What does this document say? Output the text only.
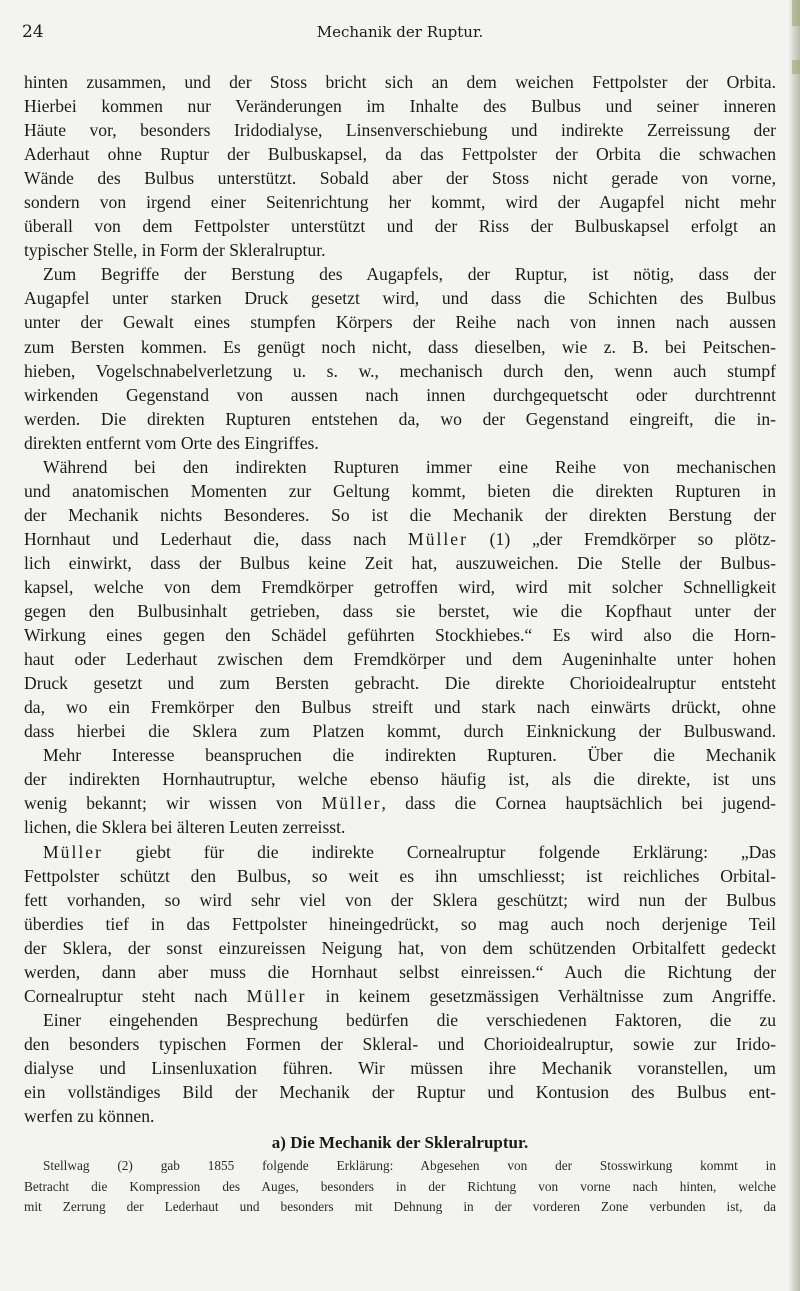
24	Mechanik der Ruptur.
hinten zusammen, und der Stoss bricht sich an dem weichen Fettpolster der Orbita.
Hierbei kommen nur Veränderungen im Inhalte des Bulbus und seiner inneren
Häute vor, besonders Iridodialyse, Linsenverschiebung und indirekte Zerreissung der
Aderhaut ohne Ruptur der Bulbuskapsel, da das Fettpolster der Orbita die schwachen
Wände des Bulbus unterstützt. Sobald aber der Stoss nicht gerade von vorne,
sondern von irgend einer Seitenrichtung her kommt, wird der Augapfel nicht mehr
überall von dem Fettpolster unterstützt und der Riss der Bulbuskapsel erfolgt an
typischer Stelle, in Form der Skleralruptur.
Zum Begriffe der Berstung des Augapfels, der Ruptur, ist nötig, dass der
Augapfel unter starken Druck gesetzt wird, und dass die Schichten des Bulbus
unter der Gewalt eines stumpfen Körpers der Reihe nach von innen nach aussen
zum Bersten kommen. Es genügt noch nicht, dass dieselben, wie z. B. bei Peitschen-
hieben, Vogelschnabelverletzung u. s. w., mechanisch durch den, wenn auch stumpf
wirkenden Gegenstand von aussen nach innen durchgequetscht oder durchtrennt
werden. Die direkten Rupturen entstehen da, wo der Gegenstand eingreift, die in-
direkten entfernt vom Orte des Eingriffes.
Während bei den indirekten Rupturen immer eine Reihe von mechanischen
und anatomischen Momenten zur Geltung kommt, bieten die direkten Rupturen in
der Mechanik nichts Besonderes. So ist die Mechanik der direkten Berstung der
Hornhaut und Lederhaut die, dass nach Müller (1) „der Fremdkörper so plötz-
lich einwirkt, dass der Bulbus keine Zeit hat, auszuweichen. Die Stelle der Bulbus-
kapsel, welche von dem Fremdkörper getroffen wird, wird mit solcher Schnelligkeit
gegen den Bulbusinhalt getrieben, dass sie berstet, wie die Kopfhaut unter der
Wirkung eines gegen den Schädel geführten Stockhiebes.“ Es wird also die Horn-
haut oder Lederhaut zwischen dem Fremdkörper und dem Augeninhalte unter hohen
Druck gesetzt und zum Bersten gebracht. Die direkte Chorioidealruptur entsteht
da, wo ein Fremkörper den Bulbus streift und stark nach einwärts drückt, ohne
dass hierbei die Sklera zum Platzen kommt, durch Einknickung der Bulbuswand.
Mehr Interesse beanspruchen die indirekten Rupturen. Über die Mechanik
der indirekten Hornhautruptur, welche ebenso häufig ist, als die direkte, ist uns
wenig bekannt; wir wissen von Müller, dass die Cornea hauptsächlich bei jugend-
lichen, die Sklera bei älteren Leuten zerreisst.
Müller giebt für die indirekte Cornealruptur folgende Erklärung: „Das
Fettpolster schützt den Bulbus, so weit es ihn umschliesst; ist reichliches Orbital-
fett vorhanden, so wird sehr viel von der Sklera geschützt; wird nun der Bulbus
überdies tief in das Fettpolster hineingedrückt, so mag auch noch derjenige Teil
der Sklera, der sonst einzureissen Neigung hat, von dem schützenden Orbitalfett gedeckt
werden, dann aber muss die Hornhaut selbst einreissen.“ Auch die Richtung der
Cornealruptur steht nach Müller in keinem gesetzmässigen Verhältnisse zum Angriffe.
Einer eingehenden Besprechung bedürfen die verschiedenen Faktoren, die zu
den besonders typischen Formen der Skleral- und Chorioidealruptur, sowie zur Irido-
dialyse und Linsenluxation führen. Wir müssen ihre Mechanik voranstellen, um
ein vollständiges Bild der Mechanik der Ruptur und Kontusion des Bulbus ent-
werfen zu können.
a) Die Mechanik der Skleralruptur.
Stellwag (2) gab 1855 folgende Erklärung: Abgesehen von der Stosswirkung kommt in
Betracht die Kompression des Auges, besonders in der Richtung von vorne nach hinten, welche
mit Zerrung der Lederhaut und besonders mit Dehnung in der vorderen Zone verbunden ist, da
